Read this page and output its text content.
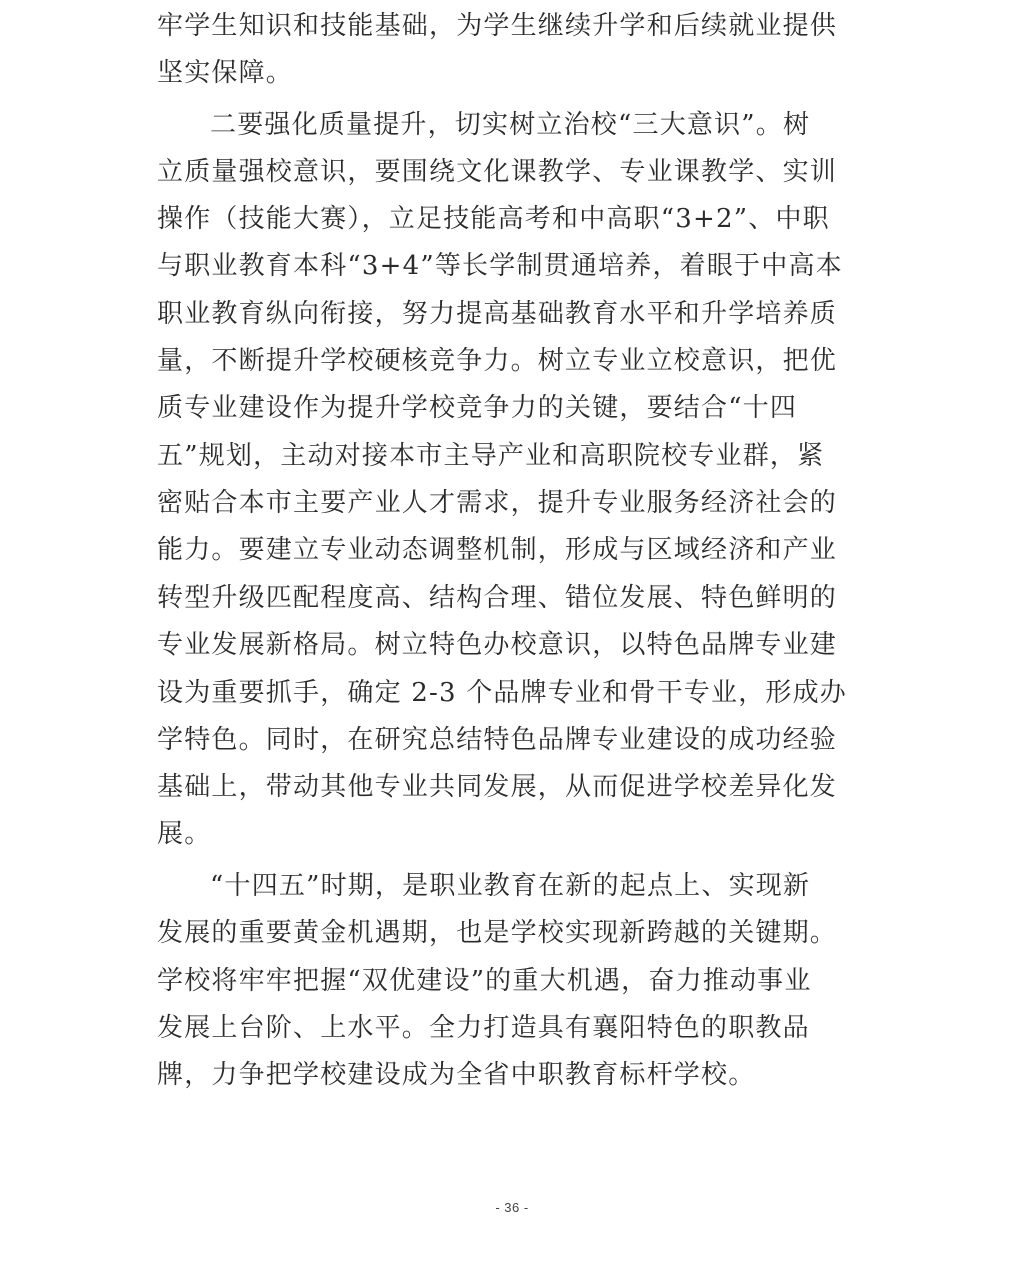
牢学生知识和技能基础，为学生继续升学和后续就业提供
坚实保障。
二要强化质量提升，切实树立治校“三大意识”。树
立质量强校意识，要围绕文化课教学、专业课教学、实训
操作（技能大赛），立足技能高考和中高职“3+2”、中职
与职业教育本科“3+4”等长学制贯通培养，着眼于中高本
职业教育纵向衔接，努力提高基础教育水平和升学培养质
量，不断提升学校硬核竞争力。树立专业立校意识，把优
质专业建设作为提升学校竞争力的关键，要结合“十四
五”规划，主动对接本市主导产业和高职院校专业群，紧
密贴合本市主要产业人才需求，提升专业服务经济社会的
能力。要建立专业动态调整机制，形成与区域经济和产业
转型升级匹配程度高、结构合理、错位发展、特色鲜明的
专业发展新格局。树立特色办校意识，以特色品牌专业建
设为重要抓手，确定 2-3 个品牌专业和骨干专业，形成办
学特色。同时，在研究总结特色品牌专业建设的成功经验
基础上，带动其他专业共同发展，从而促进学校差异化发
展。
“十四五”时期，是职业教育在新的起点上、实现新
发展的重要黄金机遇期，也是学校实现新跨越的关键期。
学校将牢牢把握“双优建设”的重大机遇，奋力推动事业
发展上台阶、上水平。全力打造具有襄阳特色的职教品
牌，力争把学校建设成为全省中职教育标杆学校。
- 36 -
